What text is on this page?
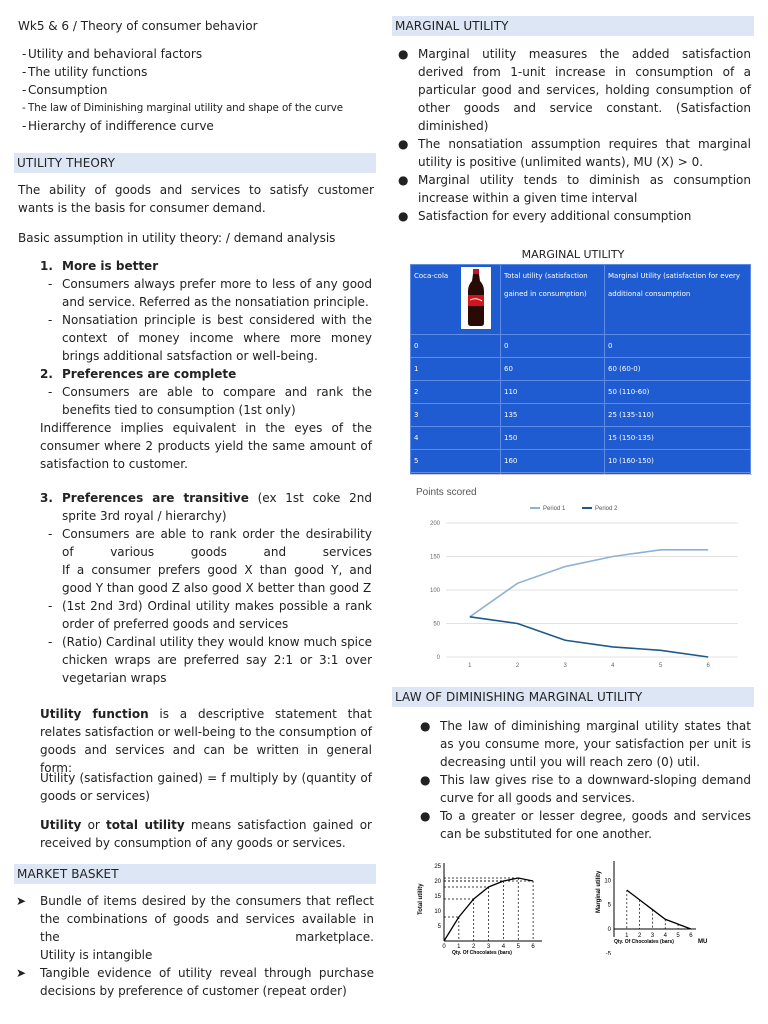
Wk5 & 6 / Theory of consumer behavior
- Utility and behavioral factors
- The utility functions
- Consumption
- The law of Diminishing marginal utility and shape of the curve
- Hierarchy of indifference curve
UTILITY THEORY
The ability of goods and services to satisfy customer wants is the basis for consumer demand.
Basic assumption in utility theory: / demand analysis
1. More is better
- Consumers always prefer more to less of any good and service. Referred as the nonsatiation principle.
- Nonsatiation principle is best considered with the context of money income where more money brings additional satsfaction or well-being.
2. Preferences are complete
- Consumers are able to compare and rank the benefits tied to consumption (1st only)
Indifference implies equivalent in the eyes of the consumer where 2 products yield the same amount of satisfaction to customer.
3. Preferences are transitive (ex 1st coke 2nd sprite 3rd royal / hierarchy)
- Consumers are able to rank order the desirability of various goods and services
If a consumer prefers good X than good Y, and good Y than good Z also good X better than good Z
- (1st 2nd 3rd) Ordinal utility makes possible a rank order of preferred goods and services
- (Ratio) Cardinal utility they would know much spice chicken wraps are preferred say 2:1 or 3:1 over vegetarian wraps
Utility function is a descriptive statement that relates satisfaction or well-being to the consumption of goods and services and can be written in general form:
Utility (satisfaction gained) = f multiply by (quantity of goods or services)
Utility or total utility means satisfaction gained or received by consumption of any goods or services.
MARKET BASKET
➤ Bundle of items desired by the consumers that reflect the combinations of goods and services available in the marketplace.
Utility is intangible
➤ Tangible evidence of utility reveal through purchase decisions by preference of customer (repeat order)
MARGINAL UTILITY
● Marginal utility measures the added satisfaction derived from 1-unit increase in consumption of a particular good and services, holding consumption of other goods and service constant. (Satisfaction diminished)
● The nonsatiation assumption requires that marginal utility is positive (unlimited wants), MU (X) > 0.
● Marginal utility tends to diminish as consumption increase within a given time interval
● Satisfaction for every additional consumption
MARGINAL UTILITY
Coca-cola	Total utility (satisfaction gained in consumption)	Marginal Utility (satisfaction for every additional consumption
0	0	0
1	60	60 (60-0)
2	110	50 (110-60)
3	135	25 (135-110)
4	150	15 (150-135)
5	160	10 (160-150)
6	160	0 util (160-160) point of solution
Points scored
0
50
100
150
200
1	2	3	4	5	6
Period 1	Period 2
LAW OF DIMINISHING MARGINAL UTILITY
● The law of diminishing marginal utility states that as you consume more, your satisfaction per unit is decreasing until you will reach zero (0) util.
● This law gives rise to a downward-sloping demand curve for all goods and services.
● To a greater or lesser degree, goods and services can be substituted for one another.
5
10
15
20
25
0 1 2 3 4 5 6
Total utility
Qty. Of Chocolates (bars)	-5
0
5
10
1 2 3 4 5 6
Marginal utility
Qty. Of Chocolates (bars)	MU
